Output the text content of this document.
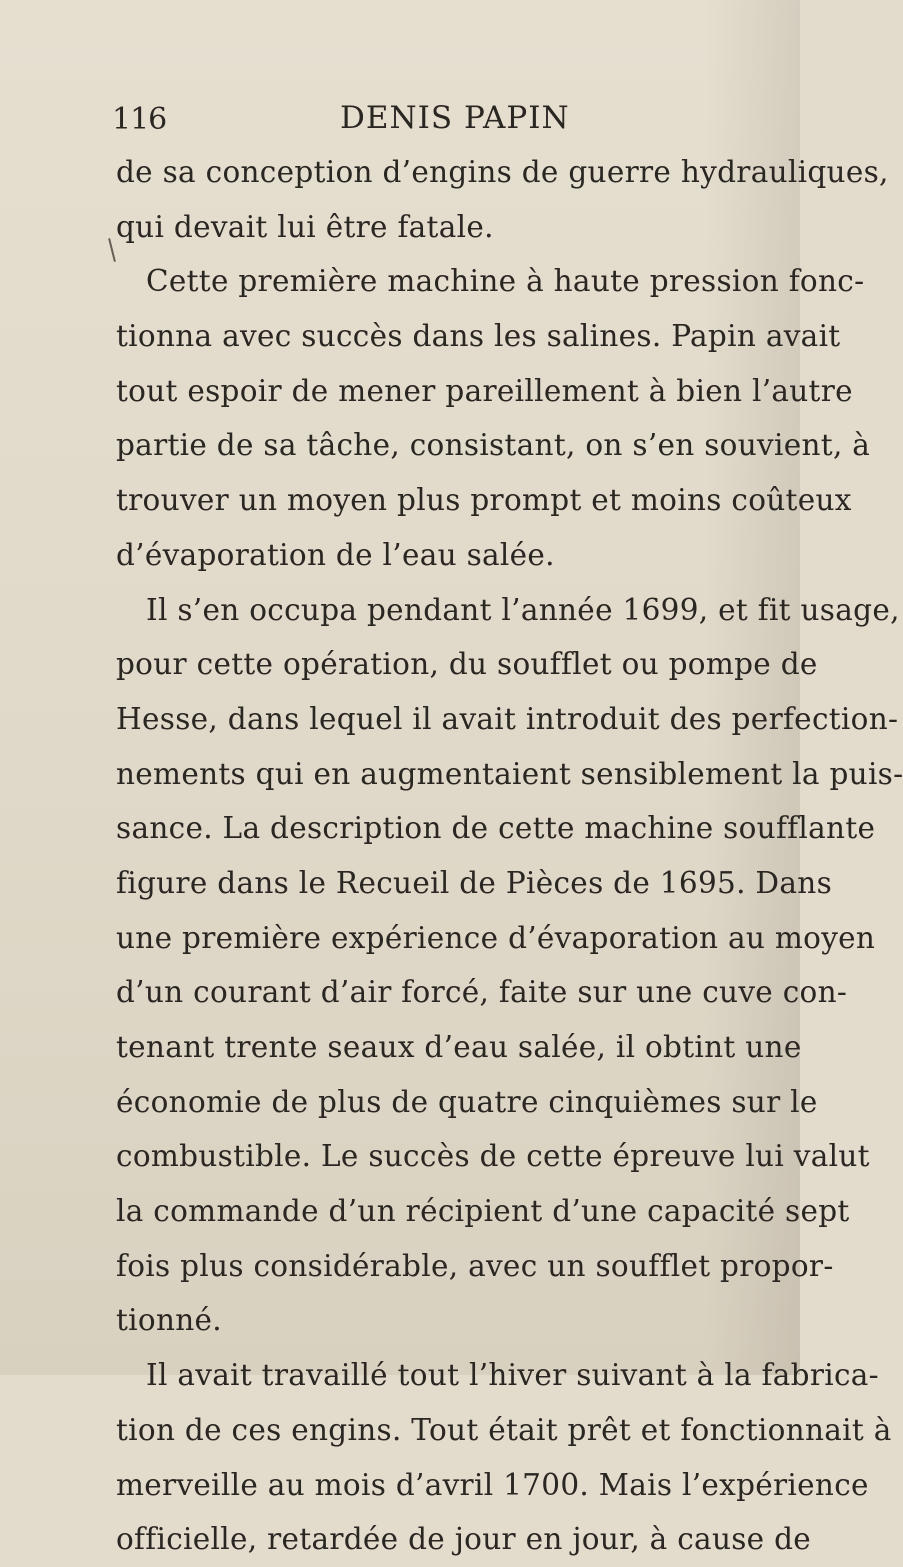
116	DENIS PAPIN
de sa conception d’engins de guerre hydrauliques,
qui devait lui être fatale.
Cette première machine à haute pression fonc-
tionna avec succès dans les salines. Papin avait
tout espoir de mener pareillement à bien l’autre
partie de sa tâche, consistant, on s’en souvient, à
trouver un moyen plus prompt et moins coûteux
d’évaporation de l’eau salée.
Il s’en occupa pendant l’année 1699, et fit usage,
pour cette opération, du soufflet ou pompe de
Hesse, dans lequel il avait introduit des perfection-
nements qui en augmentaient sensiblement la puis-
sance. La description de cette machine soufflante
figure dans le Recueil de Pièces de 1695. Dans
une première expérience d’évaporation au moyen
d’un courant d’air forcé, faite sur une cuve con-
tenant trente seaux d’eau salée, il obtint une
économie de plus de quatre cinquièmes sur le
combustible. Le succès de cette épreuve lui valut
la commande d’un récipient d’une capacité sept
fois plus considérable, avec un soufflet propor-
tionné.
Il avait travaillé tout l’hiver suivant à la fabrica-
tion de ces engins. Tout était prêt et fonctionnait à
merveille au mois d’avril 1700. Mais l’expérience
officielle, retardée de jour en jour, à cause de
